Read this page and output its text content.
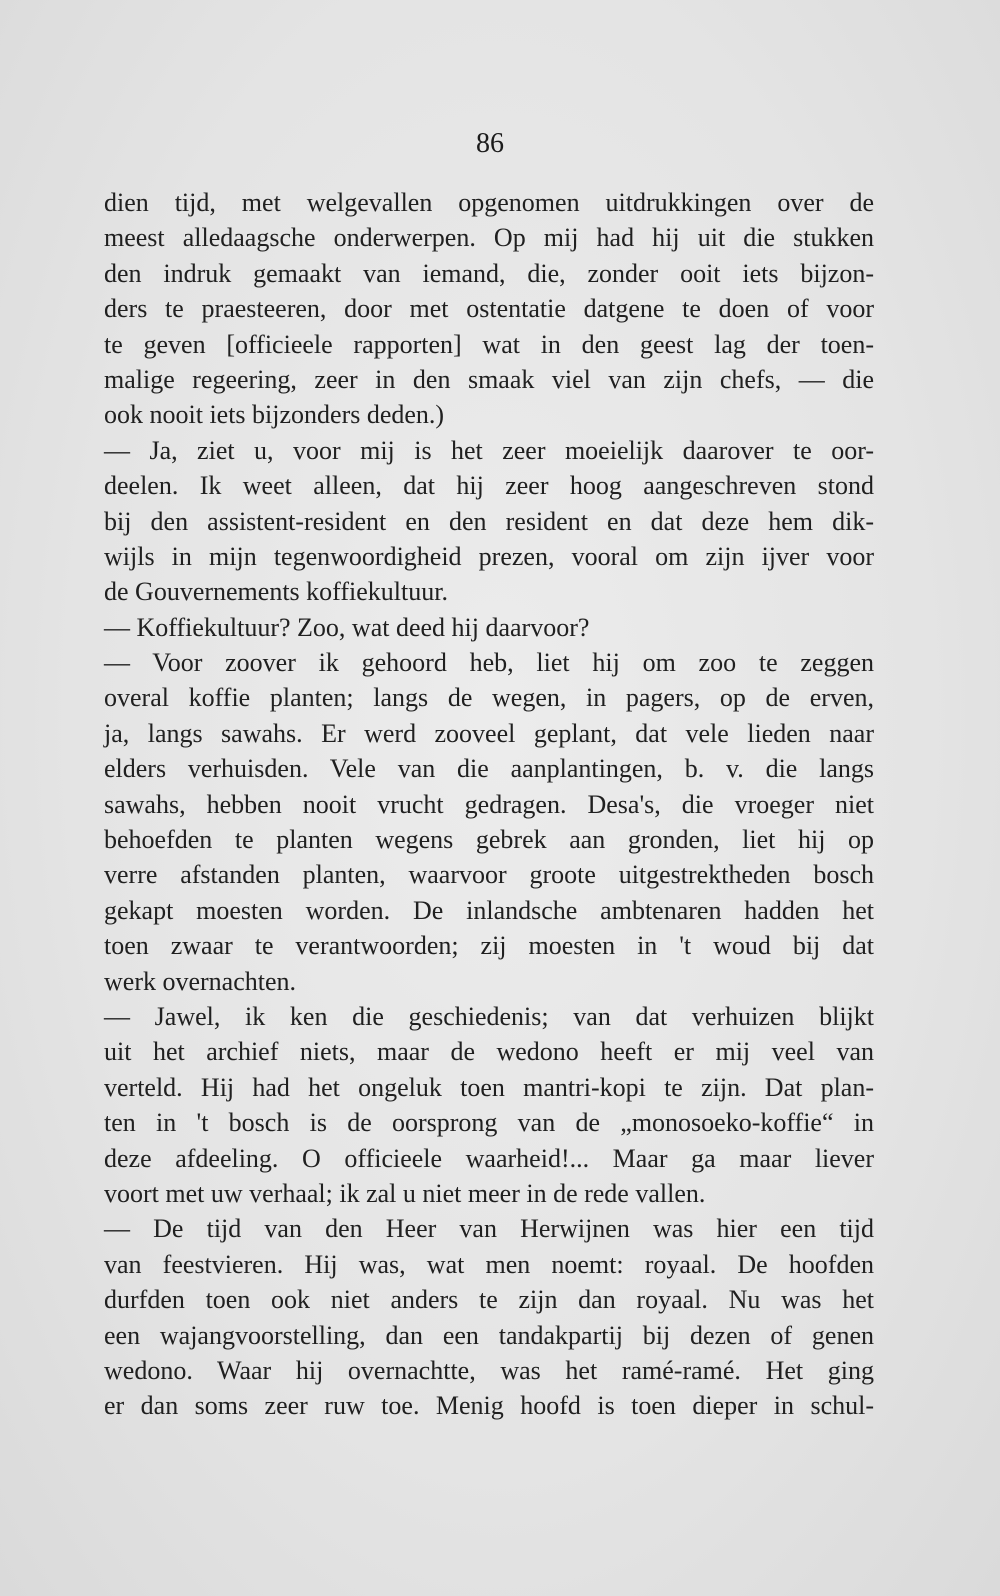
86
dien tijd, met welgevallen opgenomen uitdrukkingen over de
meest alledaagsche onderwerpen. Op mij had hij uit die stukken
den indruk gemaakt van iemand, die, zonder ooit iets bijzon-
ders te praesteeren, door met ostentatie datgene te doen of voor
te geven [officieele rapporten] wat in den geest lag der toen-
malige regeering, zeer in den smaak viel van zijn chefs, — die
ook nooit iets bijzonders deden.)
— Ja, ziet u, voor mij is het zeer moeielijk daarover te oor-
deelen. Ik weet alleen, dat hij zeer hoog aangeschreven stond
bij den assistent-resident en den resident en dat deze hem dik-
wijls in mijn tegenwoordigheid prezen, vooral om zijn ijver voor
de Gouvernements koffiekultuur.
— Koffiekultuur? Zoo, wat deed hij daarvoor?
— Voor zoover ik gehoord heb, liet hij om zoo te zeggen
overal koffie planten; langs de wegen, in pagers, op de erven,
ja, langs sawahs. Er werd zooveel geplant, dat vele lieden naar
elders verhuisden. Vele van die aanplantingen, b. v. die langs
sawahs, hebben nooit vrucht gedragen. Desa's, die vroeger niet
behoefden te planten wegens gebrek aan gronden, liet hij op
verre afstanden planten, waarvoor groote uitgestrektheden bosch
gekapt moesten worden. De inlandsche ambtenaren hadden het
toen zwaar te verantwoorden; zij moesten in 't woud bij dat
werk overnachten.
— Jawel, ik ken die geschiedenis; van dat verhuizen blijkt
uit het archief niets, maar de wedono heeft er mij veel van
verteld. Hij had het ongeluk toen mantri-kopi te zijn. Dat plan-
ten in 't bosch is de oorsprong van de „monosoeko-koffie“ in
deze afdeeling. O officieele waarheid!... Maar ga maar liever
voort met uw verhaal; ik zal u niet meer in de rede vallen.
— De tijd van den Heer van Herwijnen was hier een tijd
van feestvieren. Hij was, wat men noemt: royaal. De hoofden
durfden toen ook niet anders te zijn dan royaal. Nu was het
een wajangvoorstelling, dan een tandakpartij bij dezen of genen
wedono. Waar hij overnachtte, was het ramé-ramé. Het ging
er dan soms zeer ruw toe. Menig hoofd is toen dieper in schul-
